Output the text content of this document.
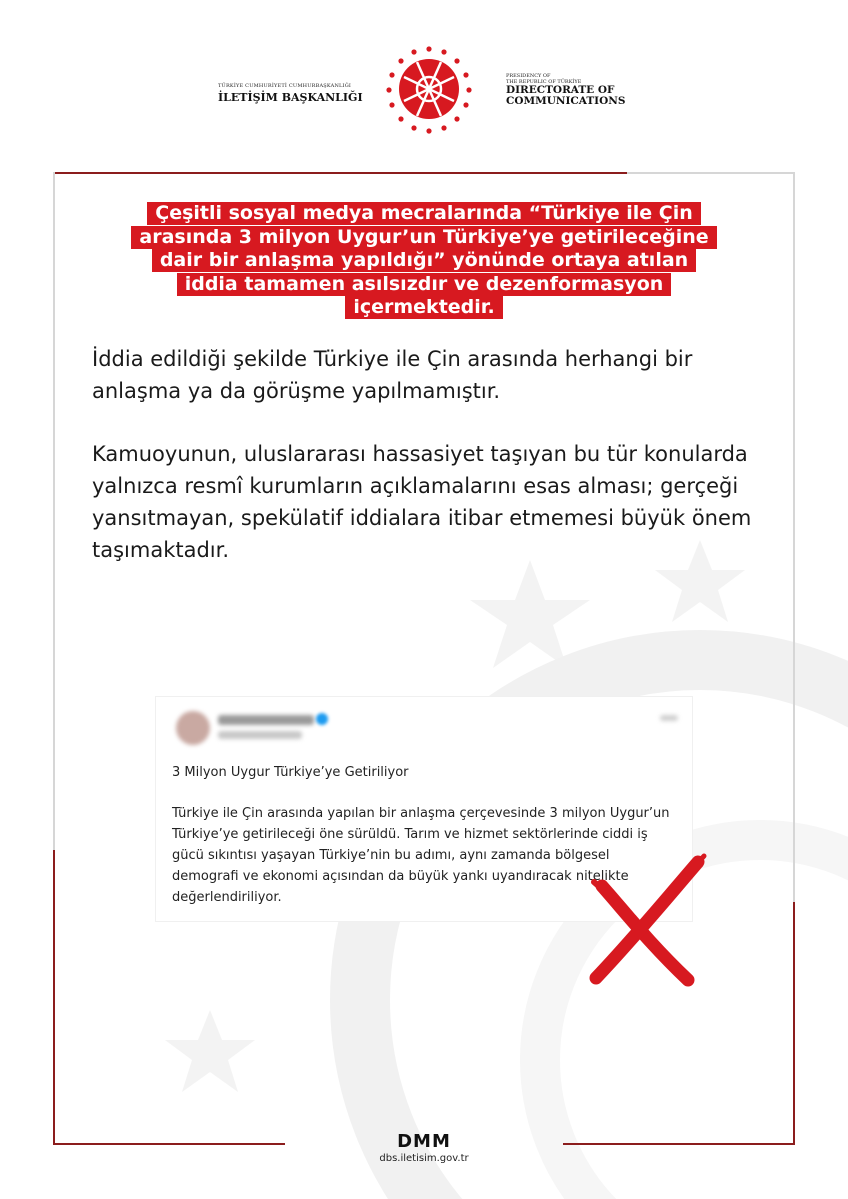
TÜRKİYE CUMHURİYETİ CUMHURBAŞKANLIĞI
İLETİŞİM BAŞKANLIĞI
PRESIDENCY OF
THE REPUBLIC OF TÜRKİYE
DIRECTORATE OF
COMMUNICATIONS
Çeşitli sosyal medya mecralarında “Türkiye ile Çin
arasında 3 milyon Uygur’un Türkiye’ye getirileceğine
dair bir anlaşma yapıldığı” yönünde ortaya atılan
iddia tamamen asılsızdır ve dezenformasyon
içermektedir.
İddia edildiği şekilde Türkiye ile Çin arasında herhangi bir anlaşma ya da görüşme yapılmamıştır.
Kamuoyunun, uluslararası hassasiyet taşıyan bu tür konularda yalnızca resmî kurumların açıklamalarını esas alması; gerçeği yansıtmayan, spekülatif iddialara itibar etmemesi büyük önem taşımaktadır.
3 Milyon Uygur Türkiye’ye Getiriliyor
Türkiye ile Çin arasında yapılan bir anlaşma çerçevesinde 3 milyon Uygur’un Türkiye’ye getirileceği öne sürüldü. Tarım ve hizmet sektörlerinde ciddi iş gücü sıkıntısı yaşayan Türkiye’nin bu adımı, aynı zamanda bölgesel demografi ve ekonomi açısından da büyük yankı uyandıracak nitelikte değerlendiriliyor.
DMM
dbs.iletisim.gov.tr
